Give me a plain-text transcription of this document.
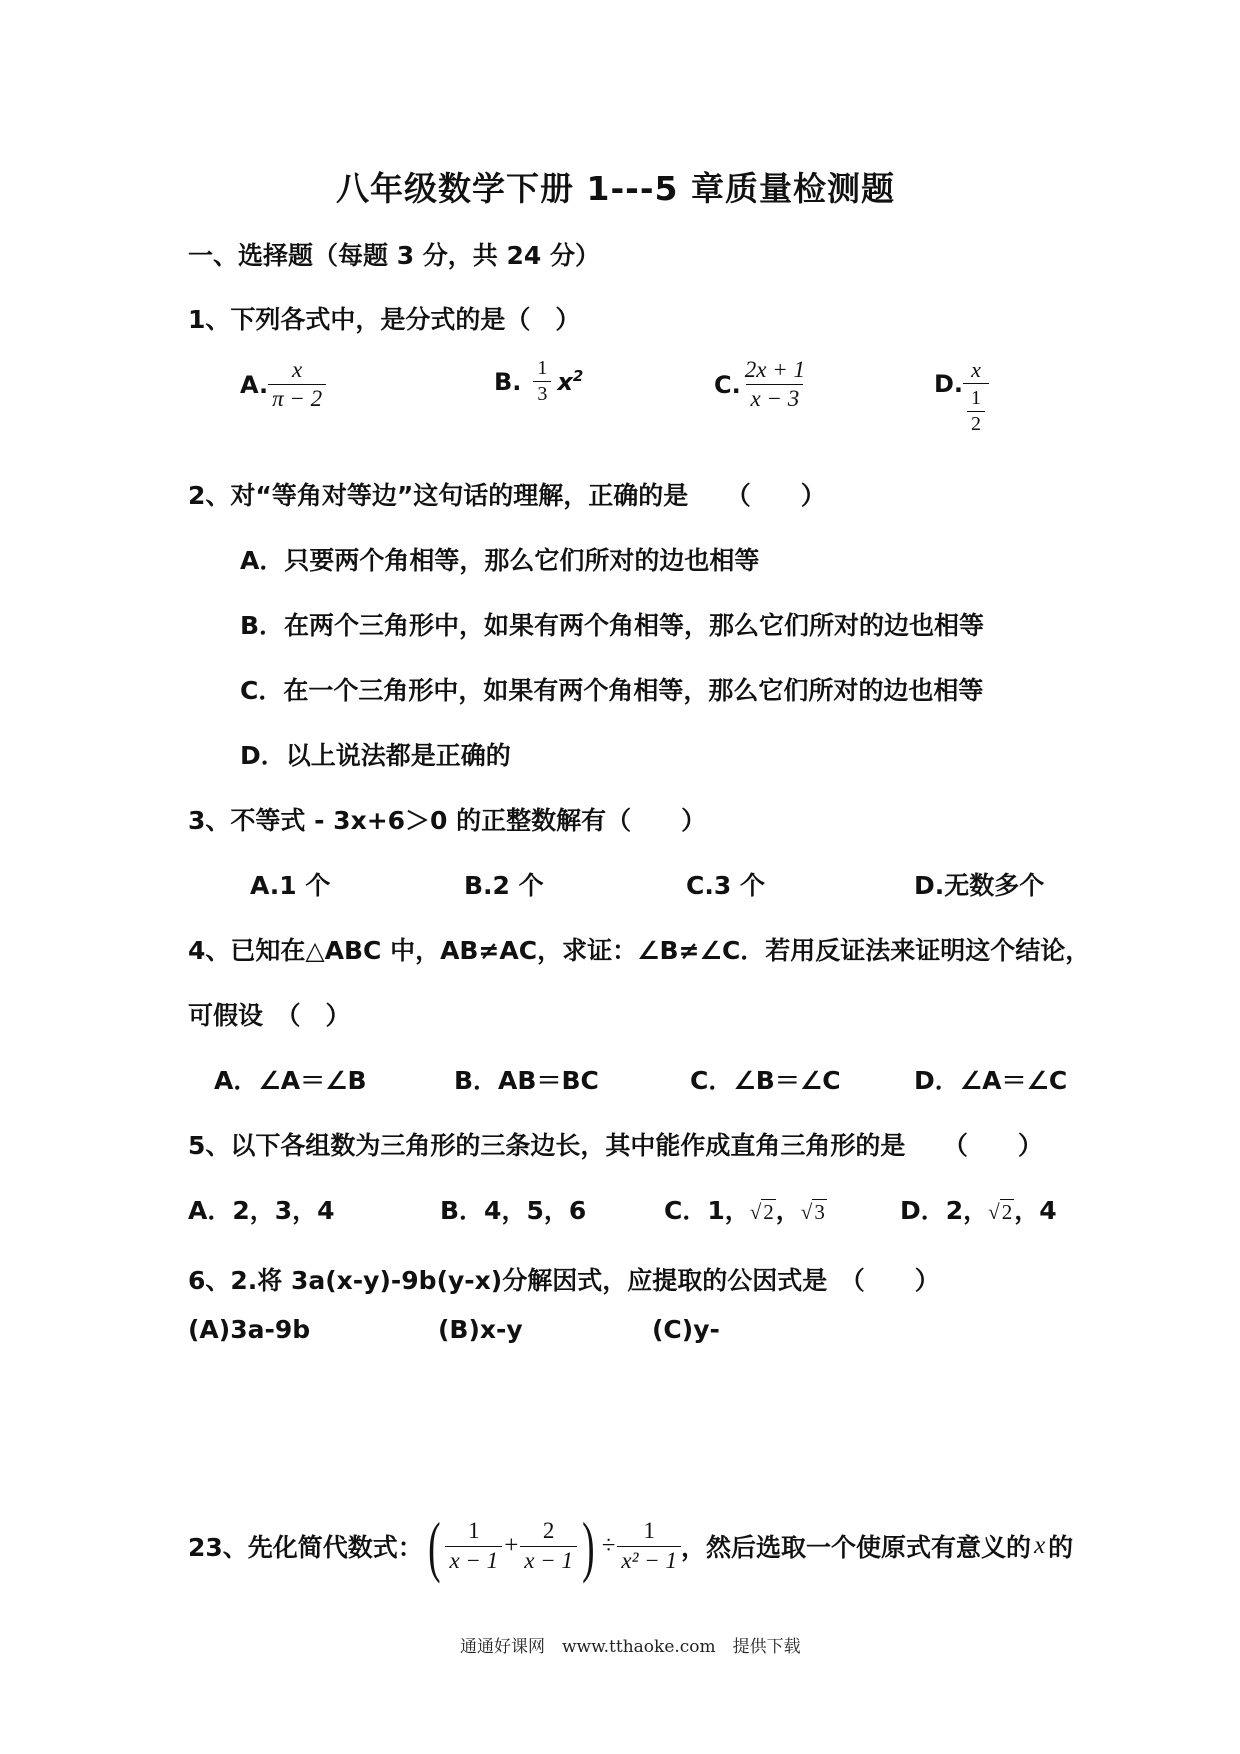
八年级数学下册 1---5 章质量检测题
一、选择题（每题 3 分，共 24 分）
1、下列各式中，是分式的是（　）
A. $\frac{x}{\pi - 2}$	B. $\frac{1}{3} x^2$	C. $\frac{2x + 1}{x - 3}$	D. $\frac{x}{\frac{1}{2}}$
2、对“等角对等边”这句话的理解，正确的是　　（　　）
A．只要两个角相等，那么它们所对的边也相等
B．在两个三角形中，如果有两个角相等，那么它们所对的边也相等
C．在一个三角形中，如果有两个角相等，那么它们所对的边也相等
D．以上说法都是正确的
3、不等式 - 3x+6＞0 的正整数解有（　　）
A.1 个	B.2 个	C.3 个	D.无数多个
4、已知在△ABC 中，AB≠AC，求证：∠B≠∠C．若用反证法来证明这个结论，
可假设　（　）
A．∠A＝∠B	B．AB＝BC	C．∠B＝∠C	D．∠A＝∠C
5、以下各组数为三角形的三条边长，其中能作成直角三角形的是　　（　　）
A．2，3，4	B．4，5，6	C．1，√2，√3	D．2，√2，4
6、2.将 3a(x-y)-9b(y-x)分解因式，应提取的公因式是　（　　）
(A)3a-9b	(B)x-y	(C)y-
23、先化简代数式： ( $\frac{1}{x - 1} + \frac{2}{x - 1}$ ) ÷ $\frac{1}{\text{x² − 1}}$ ，然后选取一个使原式有意义的 x 的
通通好课网　www.tthaoke.com　提供下载
